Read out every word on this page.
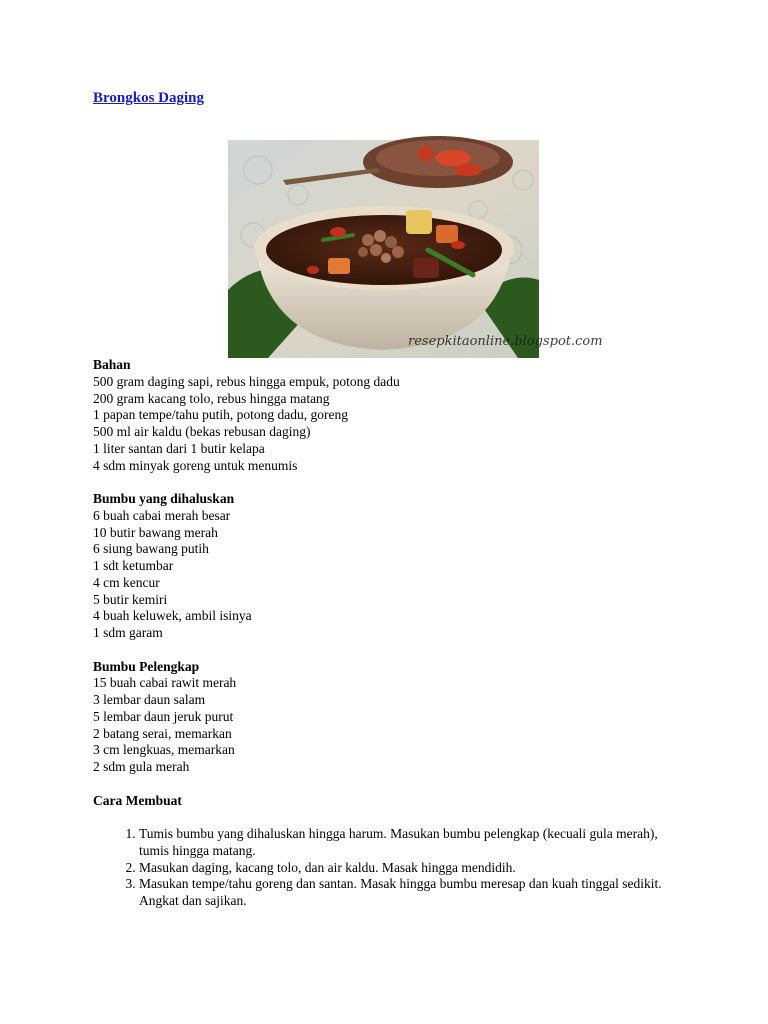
Brongkos Daging
resepkitaonline.blogspot.com

Bahan

500 gram daging sapi, rebus hingga empuk, potong dadu

200 gram kacang tolo, rebus hingga matang

1 papan tempe/tahu putih, potong dadu, goreng

500 ml air kaldu (bekas rebusan daging)

1 liter santan dari 1 butir kelapa

4 sdm minyak goreng untuk menumis

Bumbu yang dihaluskan

6 buah cabai merah besar

10 butir bawang merah

6 siung bawang putih

1 sdt ketumbar

4 cm kencur

5 butir kemiri

4 buah keluwek, ambil isinya

1 sdm garam

Bumbu Pelengkap

15 buah cabai rawit merah

3 lembar daun salam

5 lembar daun jeruk purut

2 batang serai, memarkan

3 cm lengkuas, memarkan

2 sdm gula merah

Cara Membuat

1. Tumis bumbu yang dihaluskan hingga harum. Masukan bumbu pelengkap (kecuali gula merah), tumis hingga matang.
2. Masukan daging, kacang tolo, dan air kaldu. Masak hingga mendidih.
3. Masukan tempe/tahu goreng dan santan. Masak hingga bumbu meresap dan kuah tinggal sedikit. Angkat dan sajikan.
